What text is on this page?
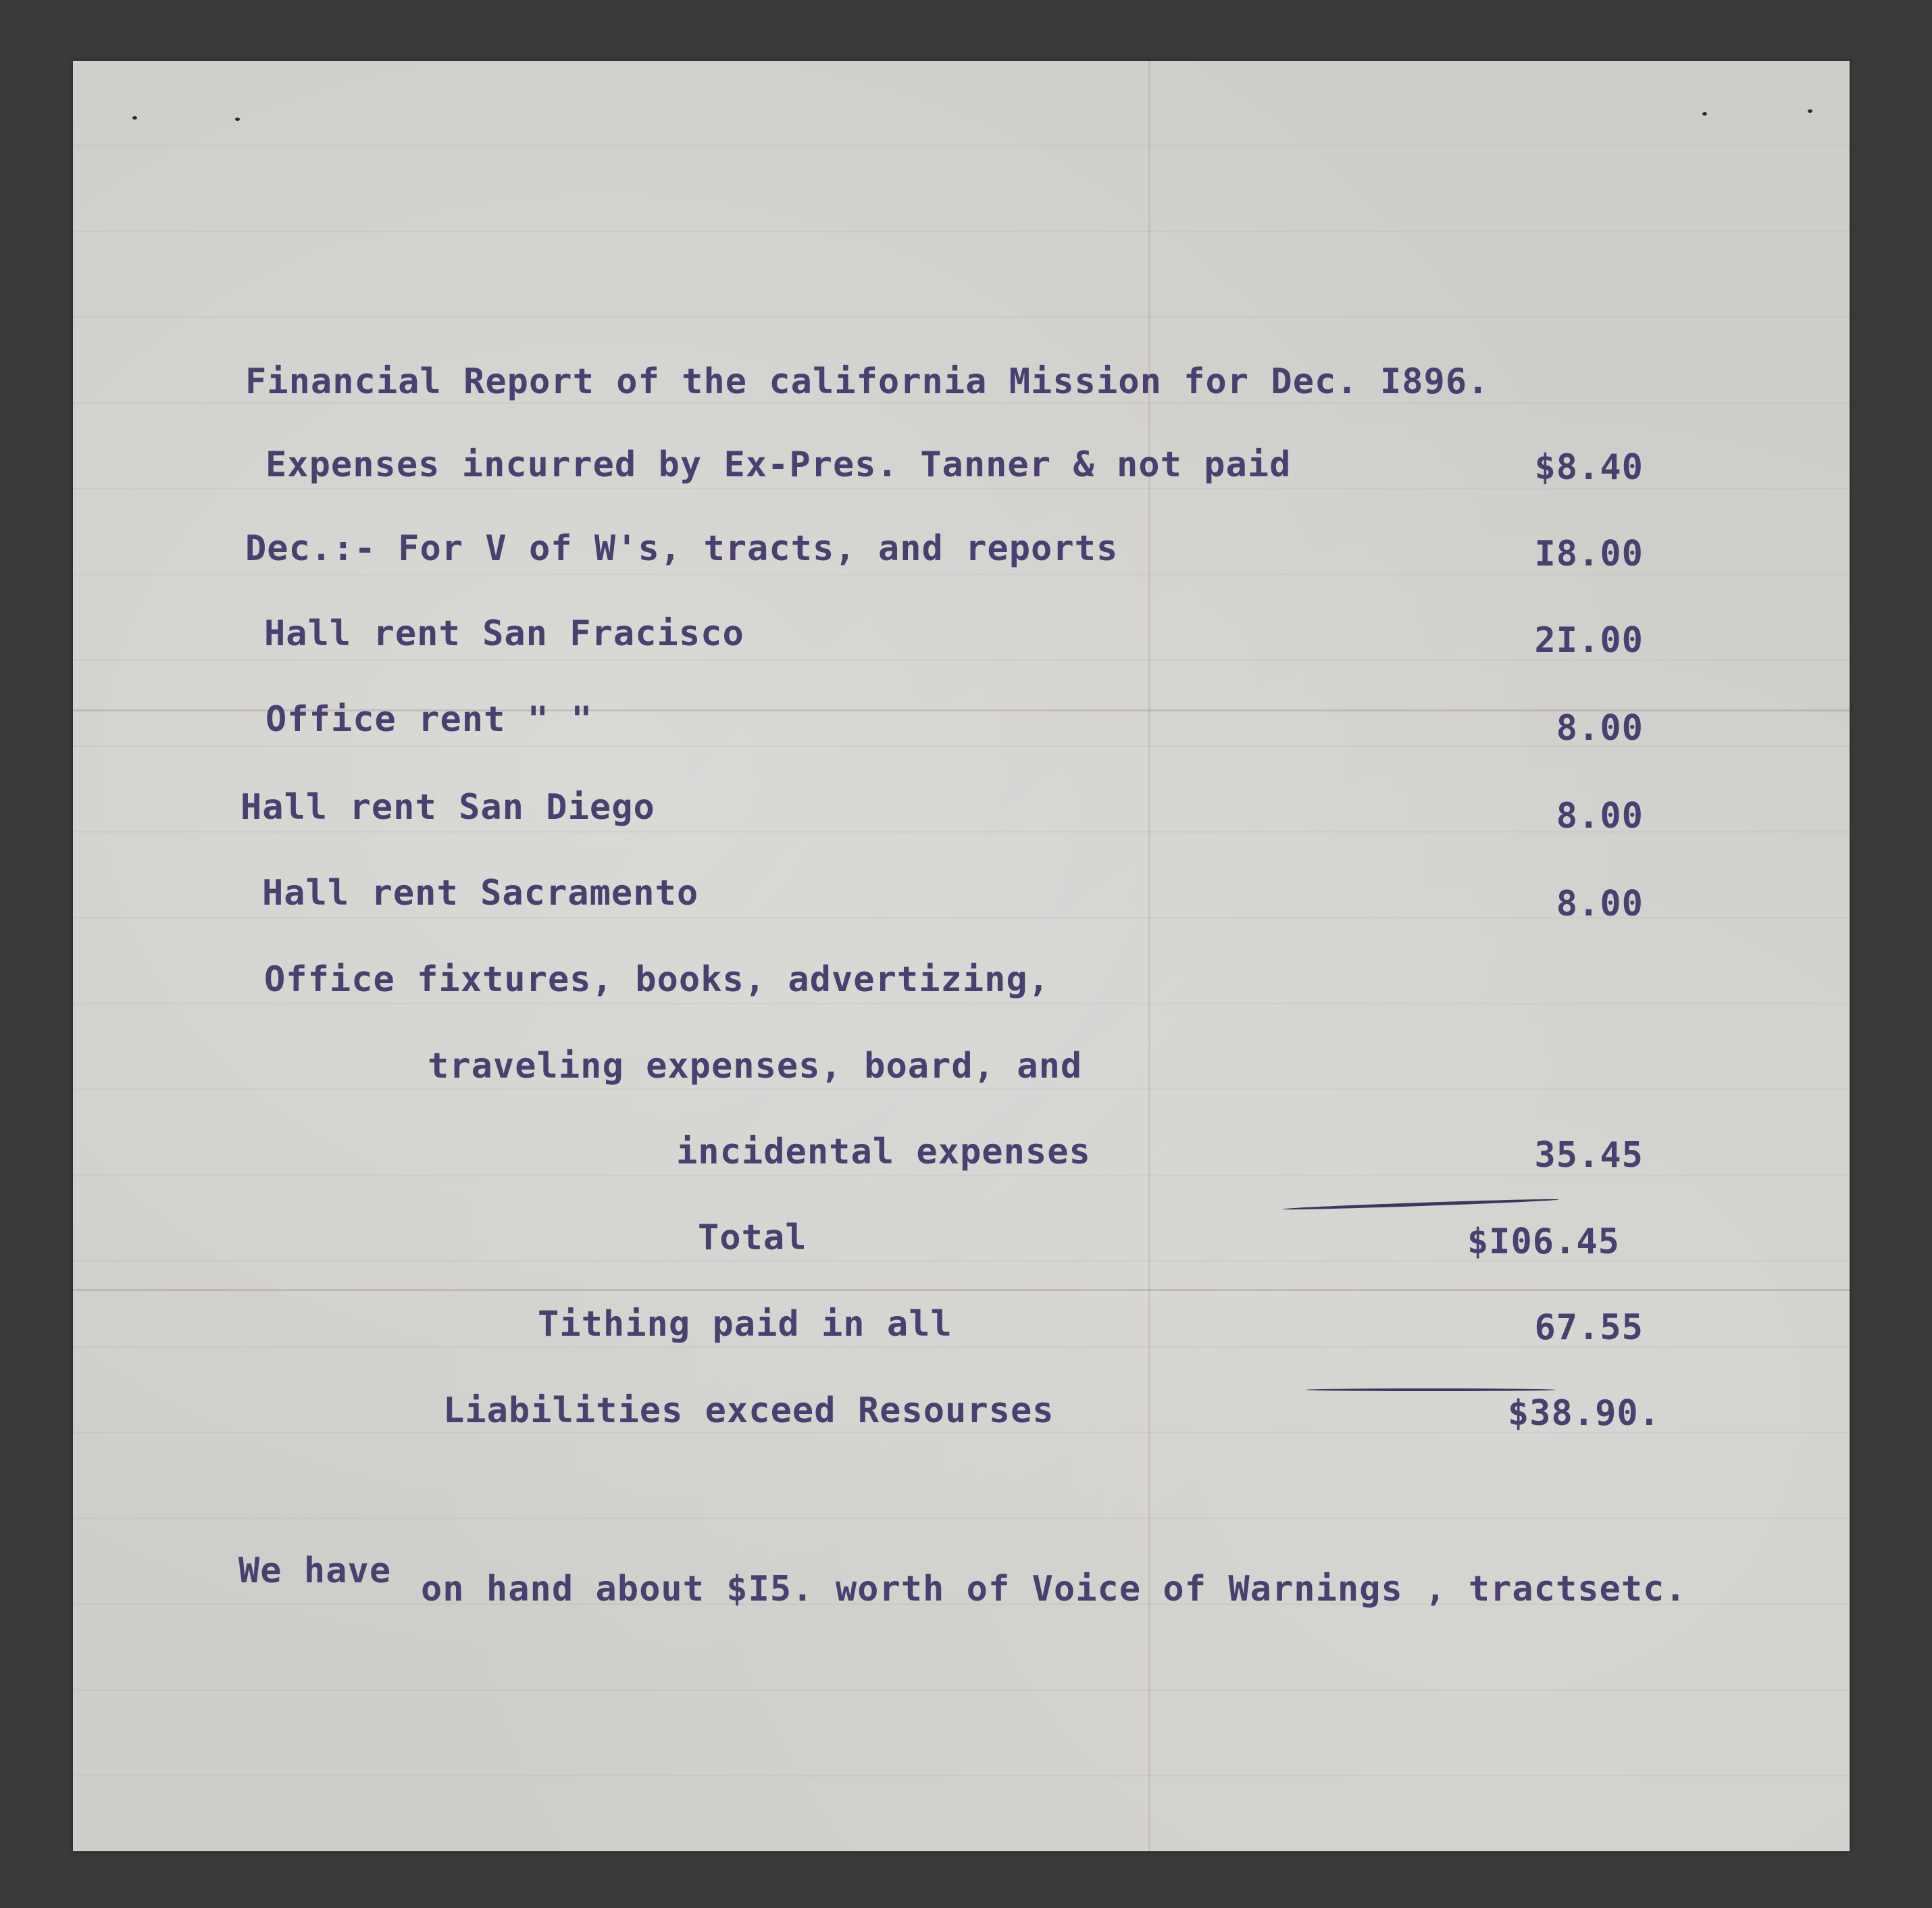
Financial Report of the california Mission for Dec. I896.
Expenses incurred by Ex-Pres. Tanner & not paid	$8.40
Dec.:- For V of W's, tracts, and reports	I8.00
Hall rent San Fracisco	2I.00
Office rent " "	8.00
Hall rent San Diego	8.00
Hall rent Sacramento	8.00
Office fixtures, books, advertizing,
traveling expenses, board, and
incidental expenses	35.45
Total	$I06.45
Tithing paid in all	67.55
Liabilities exceed Resourses	$38.90.
We have on hand about $I5. worth of Voice of Warnings , tractsetc.
